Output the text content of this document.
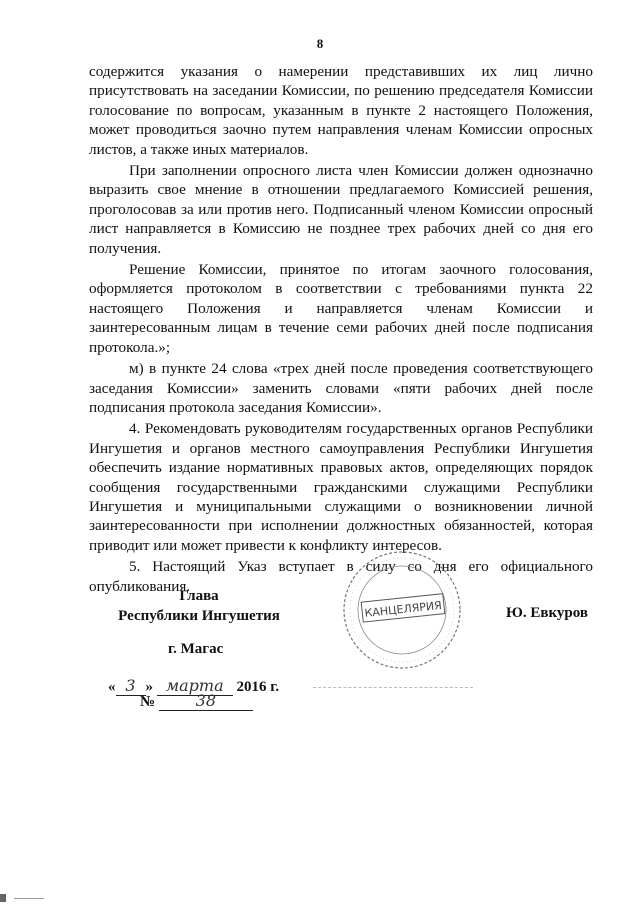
8

содержится указания о намерении представивших их лиц лично присутствовать на заседании Комиссии, по решению председателя Комиссии голосование по вопросам, указанным в пункте 2 настоящего Положения, может проводиться заочно путем направления членам Комиссии опросных листов, а также иных материалов.

При заполнении опросного листа член Комиссии должен однозначно выразить свое мнение в отношении предлагаемого Комиссией решения, проголосовав за или против него. Подписанный членом Комиссии опросный лист направляется в Комиссию не позднее трех рабочих дней со дня его получения.

Решение Комиссии, принятое по итогам заочного голосования, оформляется протоколом в соответствии с требованиями пункта 22 настоящего Положения и направляется членам Комиссии и заинтересованным лицам в течение семи рабочих дней после подписания протокола.»;

м) в пункте 24 слова «трех дней после проведения соответствующего заседания Комиссии» заменить словами «пяти рабочих дней после подписания протокола заседания Комиссии».

4. Рекомендовать руководителям государственных органов Республики Ингушетия и органов местного самоуправления Республики Ингушетия обеспечить издание нормативных правовых актов, определяющих порядок сообщения государственными гражданскими служащими Республики Ингушетия и муниципальными служащими о возникновении личной заинтересованности при исполнении должностных обязанностей, которая приводит или может привести к конфликту интересов.

5. Настоящий Указ вступает в силу со дня его официального опубликования.

Глава
Республики Ингушетия	Ю. Евкуров
КАНЦЕЛЯРИЯ
г. Магас
« 3 » марта 2016 г.
№	38
